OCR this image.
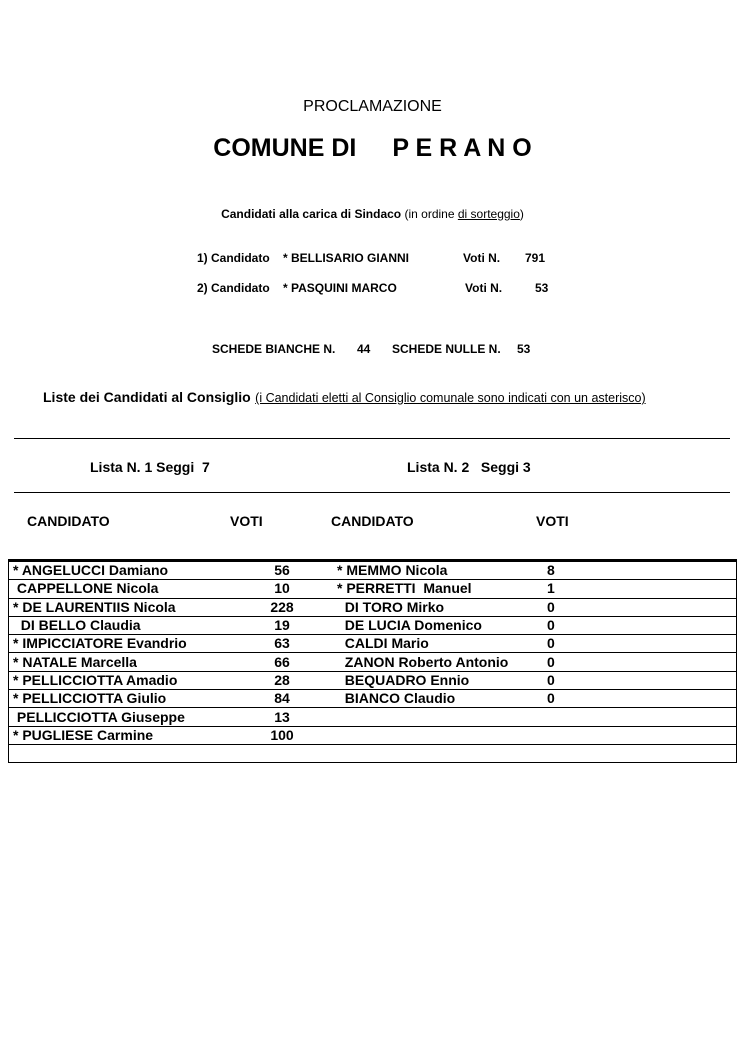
PROCLAMAZIONE
COMUNE DI P E R A N O
Candidati alla carica di Sindaco (in ordine di sorteggio)
1) Candidato * BELLISARIO GIANNI	Voti N. 791
2) Candidato * PASQUINI MARCO	Voti N.	53
SCHEDE BIANCHE N. 44 SCHEDE NULLE N. 53
Liste dei Candidati al Consiglio (i Candidati eletti al Consiglio comunale sono indicati con un asterisco)
Lista N. 1 Seggi  7	Lista N. 2   Seggi 3
CANDIDATO	VOTI	CANDIDATO	VOTI
* ANGELUCCI Damiano	56	* MEMMO Nicola	8
CAPPELLONE Nicola	10	* PERRETTI  Manuel	1
* DE LAURENTIIS Nicola	228	DI TORO Mirko	0
DI BELLO Claudia	19	DE LUCIA Domenico	0
* IMPICCIATORE Evandrio	63	CALDI Mario	0
* NATALE Marcella	66	ZANON Roberto Antonio	0
* PELLICCIOTTA Amadio	28	BEQUADRO Ennio	0
* PELLICCIOTTA Giulio	84	BIANCO Claudio	0
PELLICCIOTTA Giuseppe	13		
* PUGLIESE Carmine	100		
